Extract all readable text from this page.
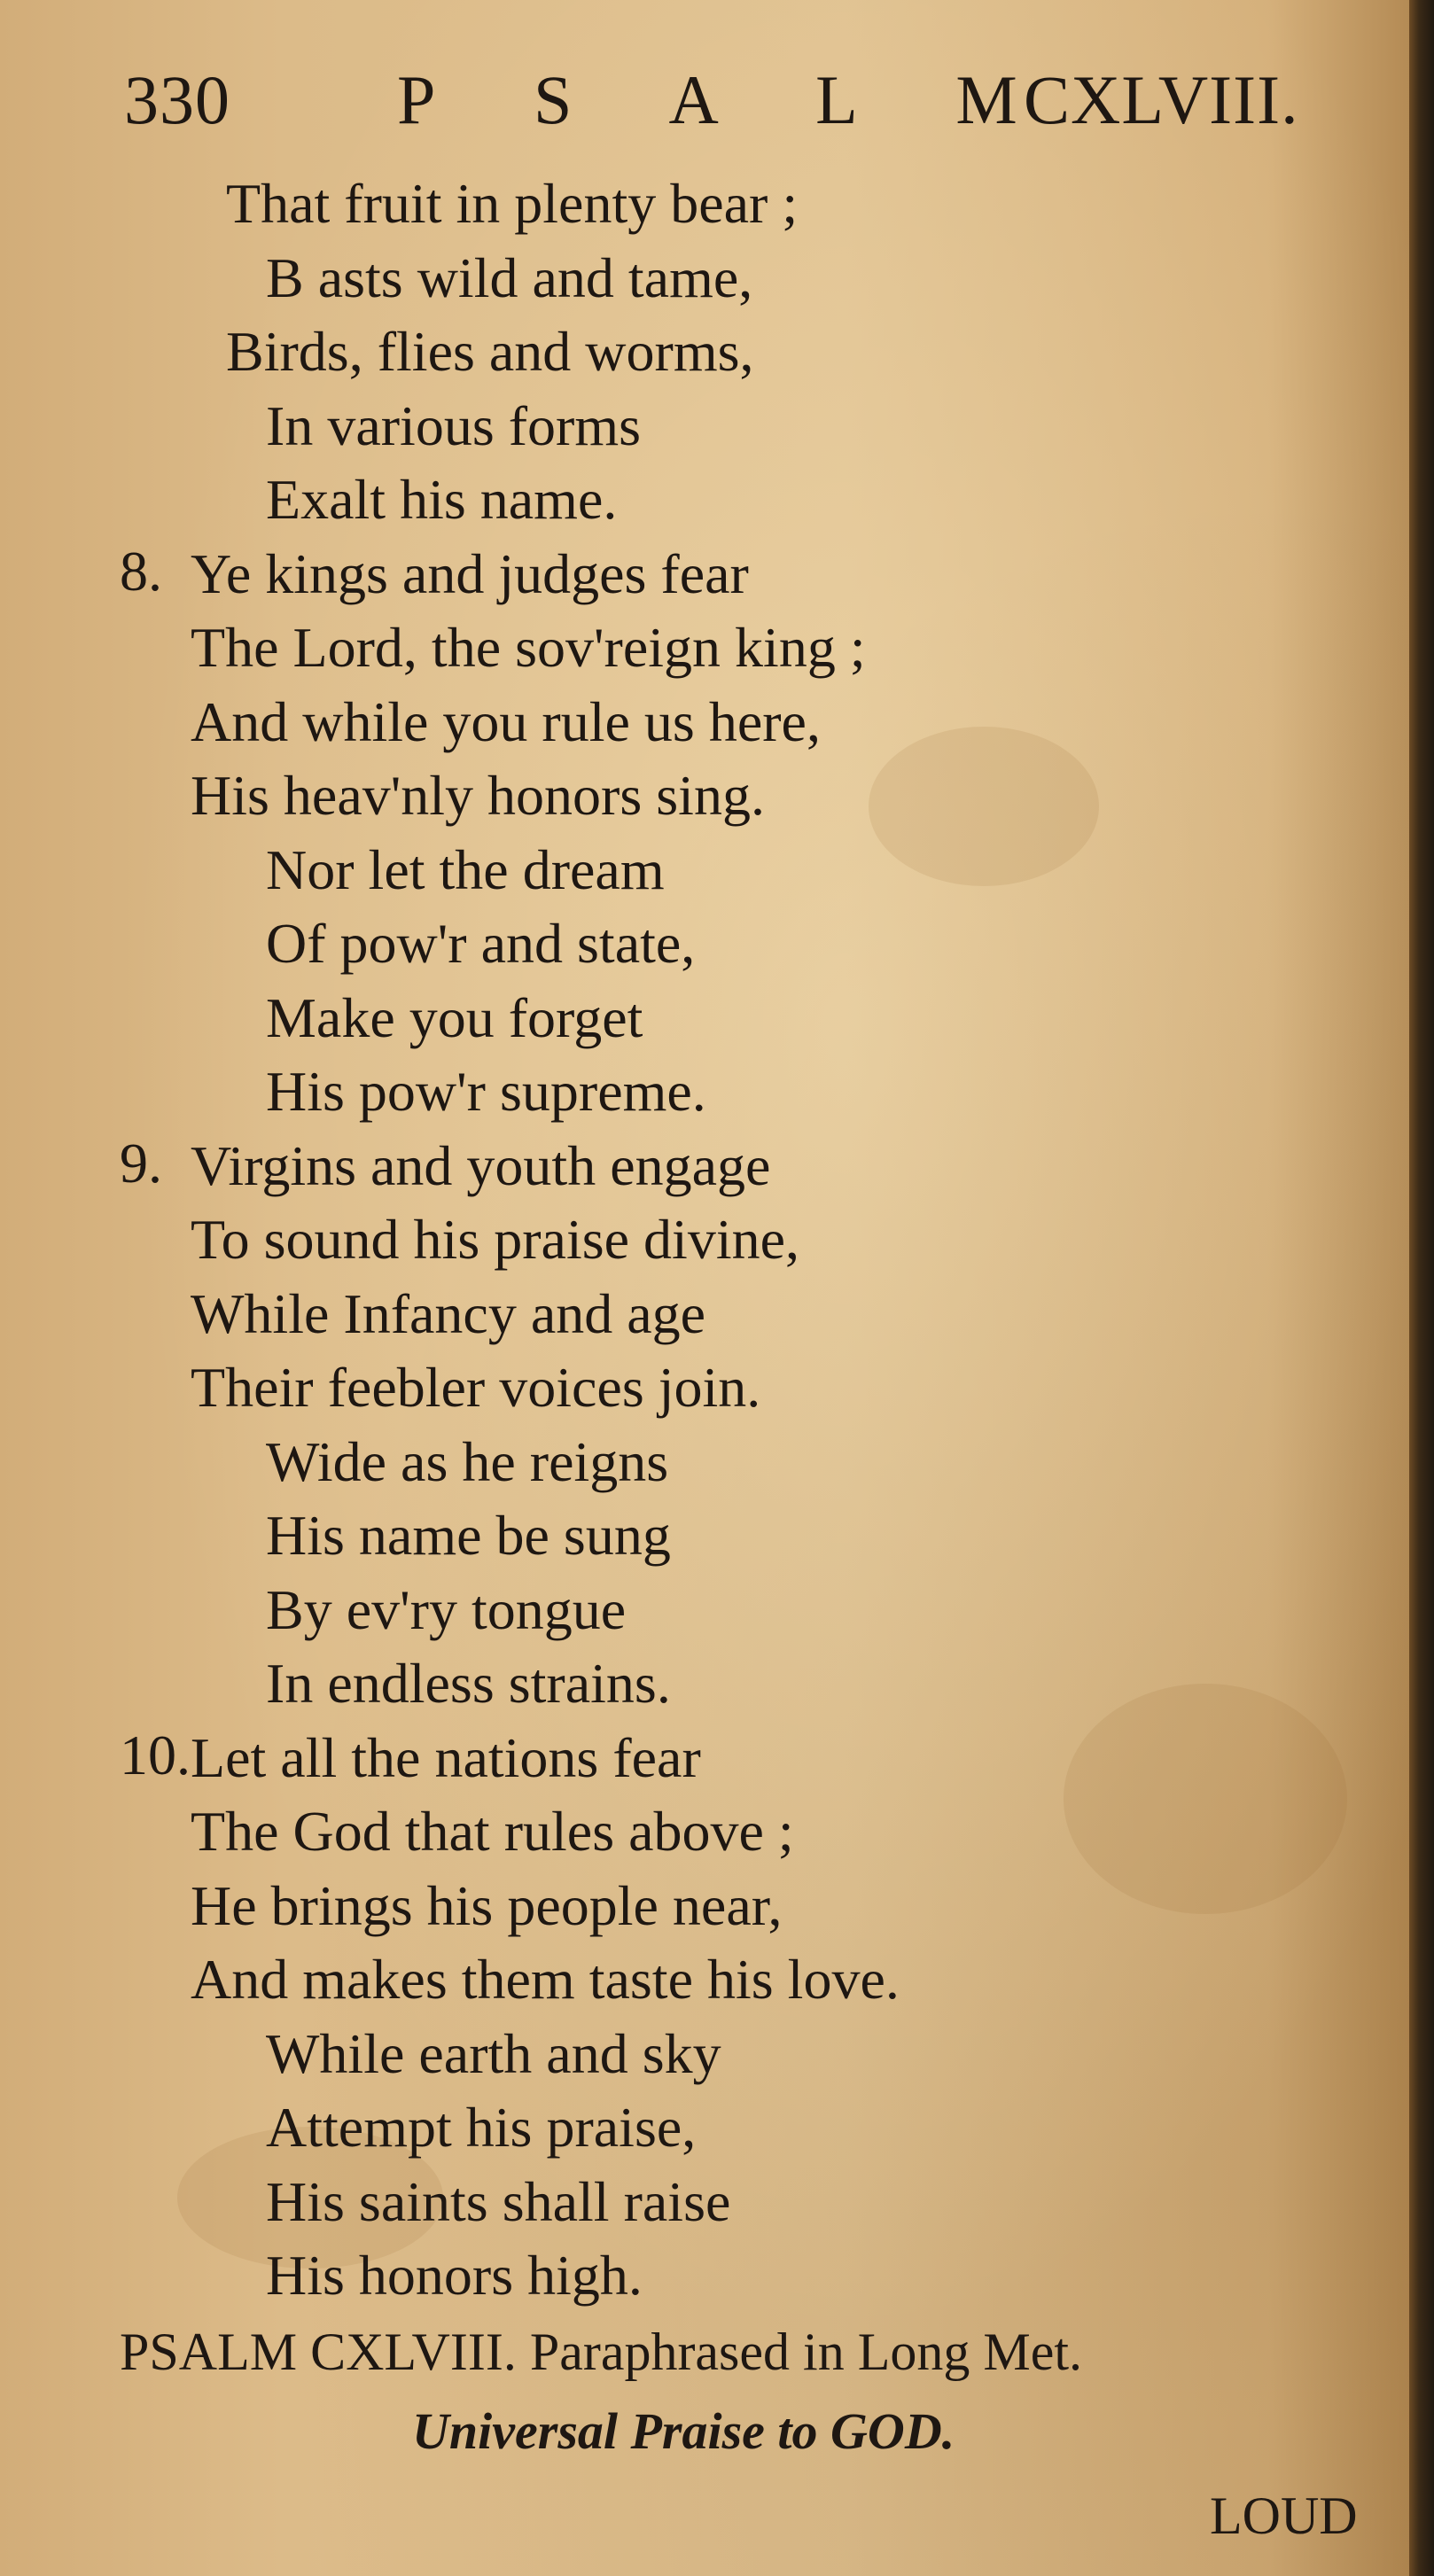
330 P S A L M
CXLVIII.
That fruit in plenty bear ;
B asts wild and tame,
Birds, flies and worms,
In various forms
Exalt his name.
8. Ye kings and judges fear
The Lord, the sov'reign king ;
And while you rule us here,
His heav'nly honors sing.
Nor let the dream
Of pow'r and state,
Make you forget
His pow'r supreme.
9. Virgins and youth engage
To sound his praise divine,
While Infancy and age
Their feebler voices join.
Wide as he reigns
His name be sung
By ev'ry tongue
In endless strains.
10. Let all the nations fear
The God that rules above ;
He brings his people near,
And makes them taste his love.
While earth and sky
Attempt his praise,
His saints shall raise
His honors high.
PSALM CXLVIII. Paraphrased in Long Met.
Universal Praise to GOD.
LOUD
